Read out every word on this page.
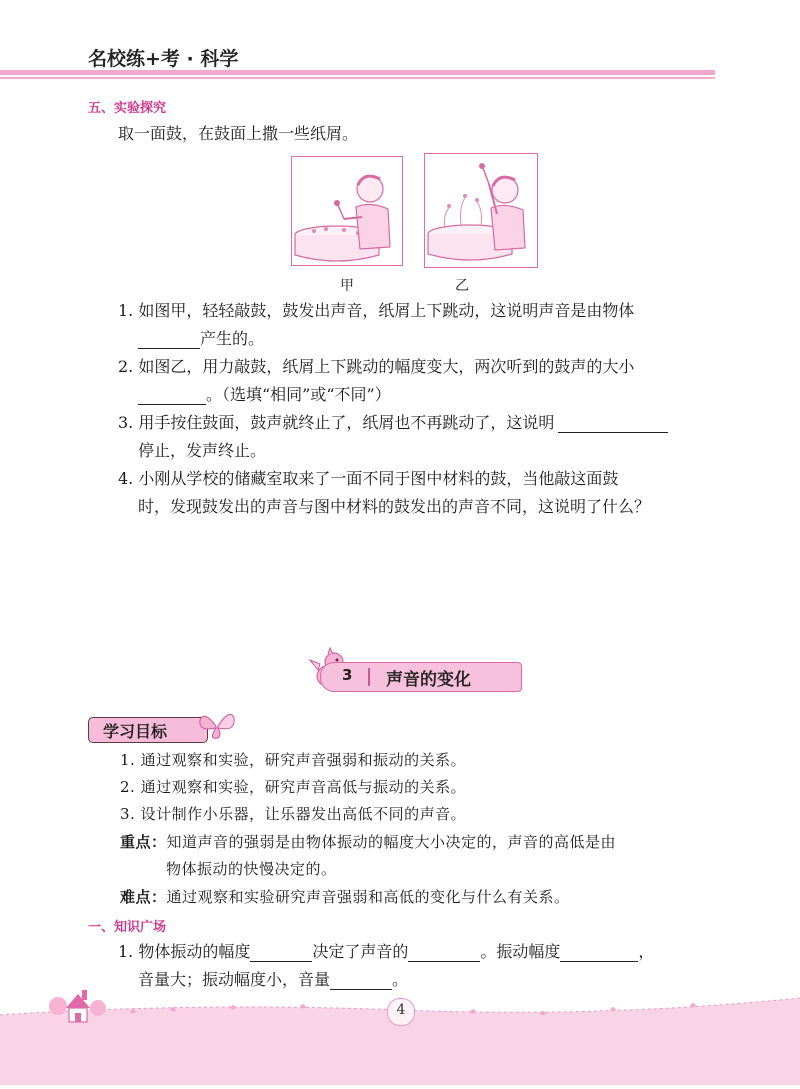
名校练+考 · 科学
五、实验探究
取一面鼓，在鼓面上撒一些纸屑。
甲	乙
1. 如图甲，轻轻敲鼓，鼓发出声音，纸屑上下跳动，这说明声音是由物体
产生的。
2. 如图乙，用力敲鼓，纸屑上下跳动的幅度变大，两次听到的鼓声的大小
。（选填“相同”或“不同”）
3. 用手按住鼓面，鼓声就终止了，纸屑也不再跳动了，这说明
停止，发声终止。
4. 小刚从学校的储藏室取来了一面不同于图中材料的鼓，当他敲这面鼓
时，发现鼓发出的声音与图中材料的鼓发出的声音不同，这说明了什么？
3 声音的变化
学习目标
1. 通过观察和实验，研究声音强弱和振动的关系。
2. 通过观察和实验，研究声音高低与振动的关系。
3. 设计制作小乐器，让乐器发出高低不同的声音。
重点：知道声音的强弱是由物体振动的幅度大小决定的，声音的高低是由
物体振动的快慢决定的。
难点：通过观察和实验研究声音强弱和高低的变化与什么有关系。
一、知识广场
1. 物体振动的幅度	决定了声音的	。振动幅度	，
音量大；振动幅度小，音量	。
4
